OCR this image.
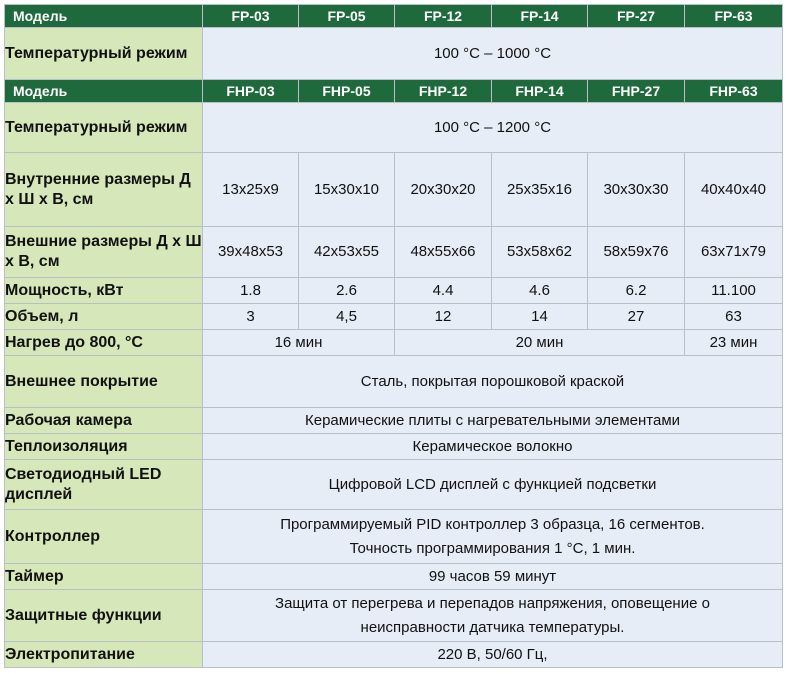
Модель	FP-03	FP-05	FP-12	FP-14	FP-27	FP-63
Температурный режим	100 °C – 1000 °C					
Модель	FHP-03	FHP-05	FHP-12	FHP-14	FHP-27	FHP-63
Температурный режим	100 °C – 1200 °C					
Внутренние размеры Д х Ш х В, см	13x25x9	15x30x10	20x30x20	25x35x16	30x30x30	40x40x40
Внешние размеры Д х Ш х В, см	39x48x53	42x53x55	48x55x66	53x58x62	58x59x76	63x71x79
Мощность, кВт	1.8	2.6	4.4	4.6	6.2	11.100
Объем, л	3	4,5	12	14	27	63
Нагрев до 800, °C	16 мин		20 мин			23 мин
Внешнее покрытие	Сталь, покрытая порошковой краской					
Рабочая камера	Керамические плиты с нагревательными элементами					
Теплоизоляция	Керамическое волокно					
Светодиодный LED дисплей	Цифровой LCD дисплей с функцией подсветки					
Контроллер	Программируемый PID контроллер 3 образца, 16 сегментов.
Точность программирования 1 °C, 1 мин.					

Таймер	99 часов 59 минут					
Защитные функции	Защита от перегрева и перепадов напряжения, оповещение о
неисправности датчика температуры.					

Электропитание	220 В, 50/60 Гц,					
